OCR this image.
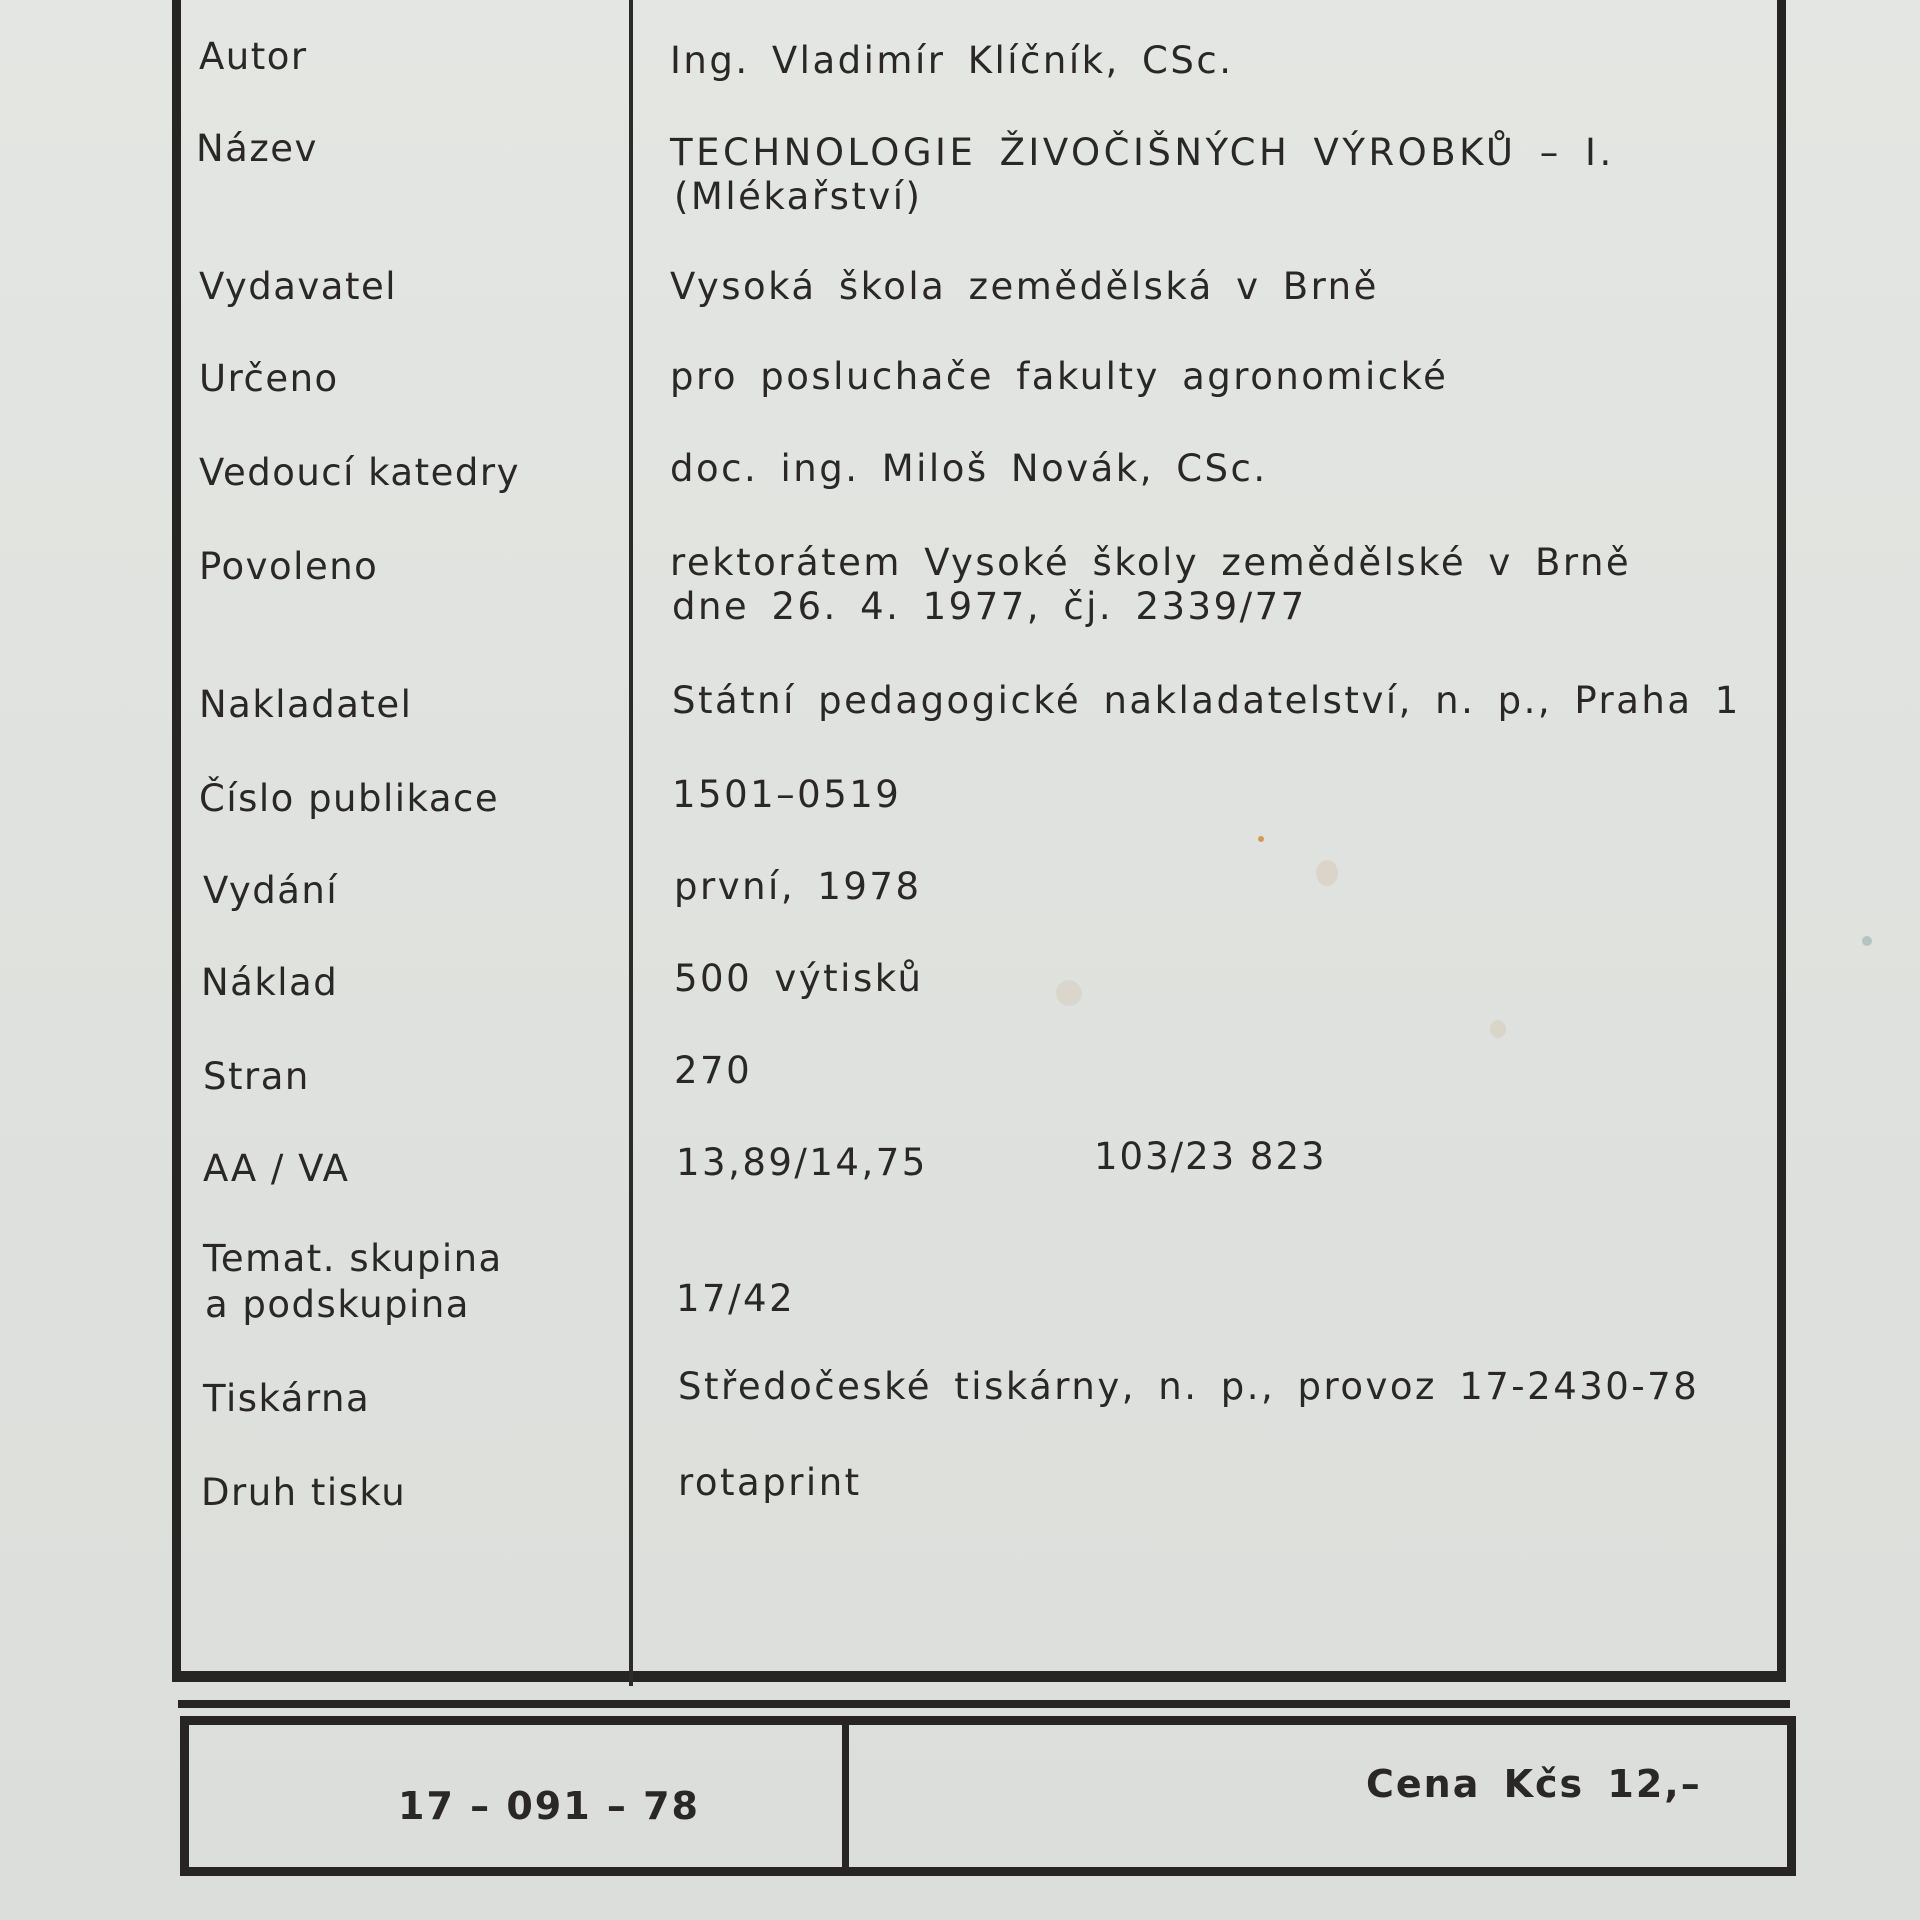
Autor	Ing. Vladimír Klíčník, CSc.
Název	TECHNOLOGIE ŽIVOČIŠNÝCH VÝROBKŮ – I.
(Mlékařství)
Vydavatel	Vysoká škola zemědělská v Brně
Určeno	pro posluchače fakulty agronomické
Vedoucí katedry	doc. ing. Miloš Novák, CSc.
Povoleno	rektorátem Vysoké školy zemědělské v Brně
dne 26. 4. 1977, čj. 2339/77
Nakladatel	Státní pedagogické nakladatelství, n. p., Praha 1
Číslo publikace	1501–0519
Vydání	první, 1978
Náklad	500 výtisků
Stran	270
AA / VA	13,89/14,75	103/23 823
Temat. skupina
a podskupina	17/42
Tiskárna	Středočeské tiskárny, n. p., provoz 17-2430-78
Druh tisku	rotaprint
17 – 091 – 78	Cena Kčs 12,–
